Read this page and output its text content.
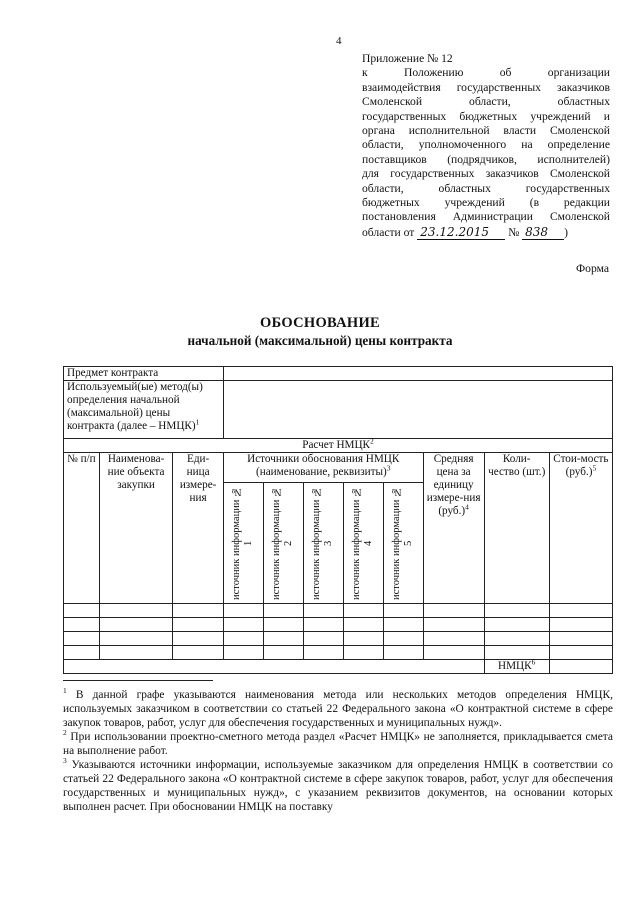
4
Приложение № 12
к	Положению	об	организации
взаимодействия государственных заказчиков
Смоленской области, областных
государственных бюджетных учреждений и
органа исполнительной власти Смоленской
области, уполномоченного на определение
поставщиков (подрядчиков, исполнителей)
для государственных заказчиков Смоленской
области, областных государственных
бюджетных учреждений (в редакции
постановления Администрации Смоленской
области от 23.12.2015 № 838 )
Форма
ОБОСНОВАНИЕ
начальной (максимальной) цены контракта
Предмет контракта										
Используемый(ые) метод(ы) определения начальной (максимальной) цены контракта (далее – НМЦК)$^1$	
Расчет НМЦК$^2$
№ п/п	Наименова-ние объекта закупки	Еди-ница измере-ния	Источники обоснования НМЦК (наименование, реквизиты)$^3$					Средняя цена за единицу измере-ния $(руб.)^4$	Коли-чество (шт.)	Стои-мость $(руб.)^5$

			источник информации № 1	источник информации № 2	источник информации № 3	источник информации № 4	источник информации № 5			

									НМЦК$^6$	

$^1$ В данной графе указываются наименования метода или нескольких методов определения НМЦК, используемых заказчиком в соответствии со статьей 22 Федерального закона «О контрактной системе в сфере закупок товаров, работ, услуг для обеспечения государственных и муниципальных нужд».

$^2$ При использовании проектно-сметного метода раздел «Расчет НМЦК» не заполняется, прикладывается смета на выполнение работ.

$^3$ Указываются источники информации, используемые заказчиком для определения НМЦК в соответствии со статьей 22 Федерального закона «О контрактной системе в сфере закупок товаров, работ, услуг для обеспечения государственных и муниципальных нужд», с указанием реквизитов документов, на основании которых выполнен расчет. При обосновании НМЦК на поставку
